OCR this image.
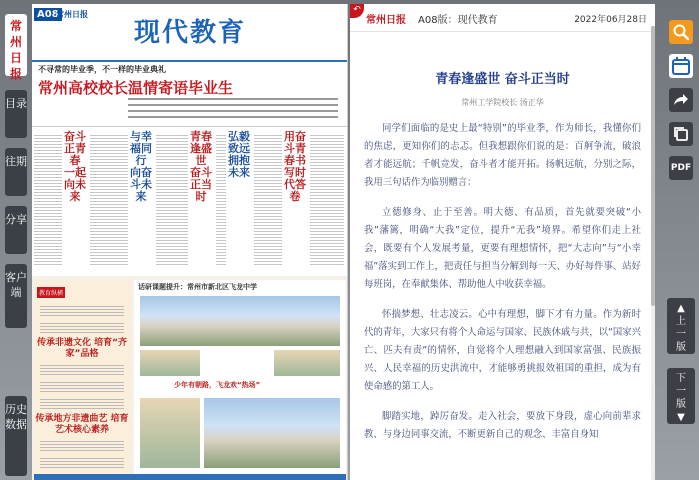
常州日报
目录
往期
分享
客户端
历史数据
A08
常州日报
现代教育
不寻常的毕业季，不一样的毕业典礼
常州高校校长温情寄语毕业生
奋斗正青春 一起向未来
与幸福同行 向奋斗未来
青春逢盛世 奋斗正当时
弘毅致远 拥抱未来
用奋斗青春书写时代答卷
教育纵横
传承非遗文化 培育“齐家”品格
传承地方非遗曲艺 培育艺术核心素养
话研课题提升：常州市新北区飞龙中学
少年有朝路，飞龙欢“热场”
↶
常州日报 A08版：现代教育	2022年06月28日
青春逢盛世 奋斗正当时
常州工学院校长 汤正华

同学们面临的是史上最“特别”的毕业季，作为师长，我懂你们的焦虑，更知你们的忐忑。但我想跟你们说的是：百舸争流，破浪者才能远航；千帆竞发，奋斗者才能开拓。扬帆远航，分别之际，我用三句话作为临别赠言：

立德修身、止于至善。明大德、有品质，首先就要突破“小我”藩篱，明确“大我”定位，提升“无我”境界。希望你们走上社会，既要有个人发展考量，更要有理想情怀，把“大志向”与“小幸福”落实到工作上，把责任与担当分解到每一天、办好每件事、站好每班岗，在奉献集体、帮助他人中收获幸福。

怀揣梦想、壮志凌云。心中有理想，脚下才有力量。作为新时代的青年，大家只有将个人命运与国家、民族休戚与共，以“国家兴亡、匹夫有责”的情怀，自觉将个人理想融入到国家富强、民族振兴、人民幸福的历史洪流中，才能够勇挑报效祖国的重担，成为有使命感的第工人。

脚踏实地，踔厉奋发。走入社会，要放下身段，虚心向前辈求教、与身边同事交流，不断更新自己的观念、丰富自身知

PDF
▲
上一版
下一版
▼
